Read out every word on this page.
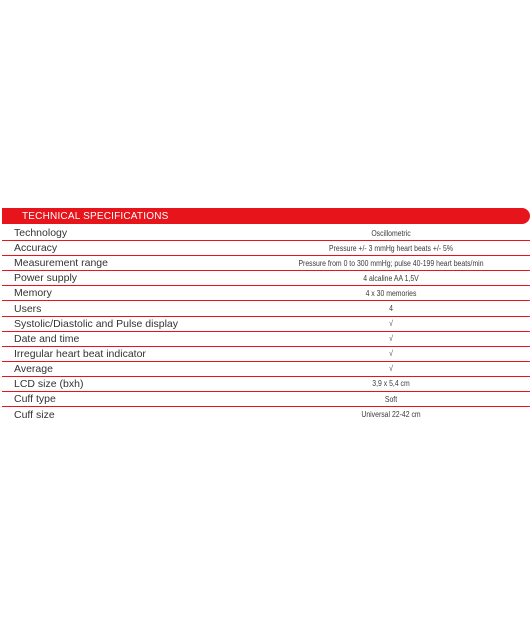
TECHNICAL SPECIFICATIONS
Technology	Oscillometric
Accuracy	Pressure +/- 3 mmHg heart beats +/- 5%
Measurement range	Pressure from 0 to 300 mmHg; pulse 40-199 heart beats/min
Power supply	4 alcaline AA 1,5V
Memory	4 x 30 memories
Users	4
Systolic/Diastolic and Pulse display	√
Date and time	√
Irregular heart beat indicator	√
Average	√
LCD size (bxh)	3,9 x 5,4 cm
Cuff type	Soft
Cuff size	Universal 22-42 cm
